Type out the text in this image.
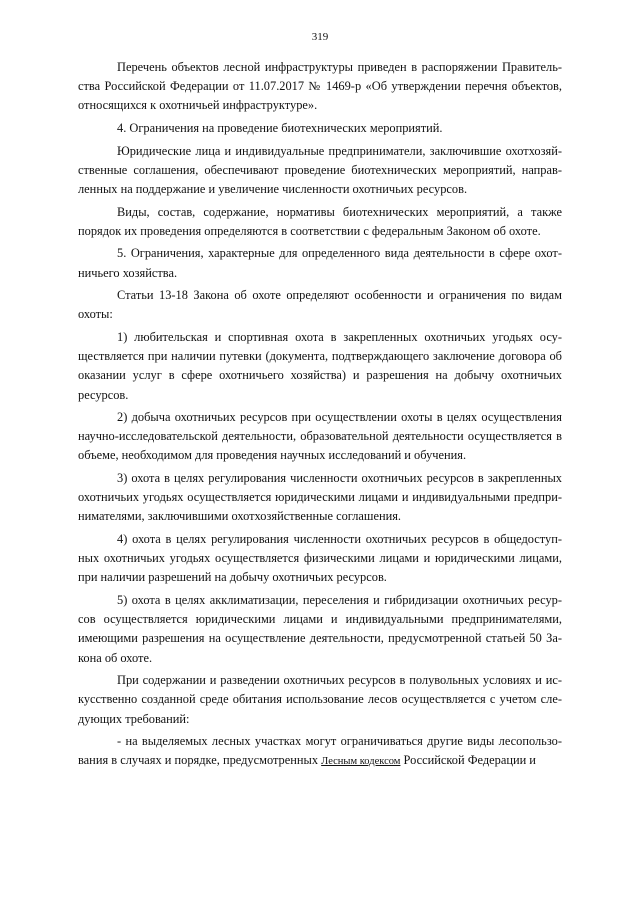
319

Перечень объектов лесной инфраструктуры приведен в распоряжении Правительства Российской Федерации от 11.07.2017 № 1469-р «Об утверждении перечня объектов, относящихся к охотничьей инфраструктуре».

4. Ограничения на проведение биотехнических мероприятий.

Юридические лица и индивидуальные предприниматели, заключившие охотхозяйственные соглашения, обеспечивают проведение биотехнических мероприятий, направленных на поддержание и увеличение численности охотничьих ресурсов.

Виды, состав, содержание, нормативы биотехнических мероприятий, а также порядок их проведения определяются в соответствии с федеральным Законом об охоте.

5. Ограничения, характерные для определенного вида деятельности в сфере охотничьего хозяйства.

Статьи 13-18 Закона об охоте определяют особенности и ограничения по видам охоты:

1) любительская и спортивная охота в закрепленных охотничьих угодьях осуществляется при наличии путевки (документа, подтверждающего заключение договора об оказании услуг в сфере охотничьего хозяйства) и разрешения на добычу охотничьих ресурсов.

2) добыча охотничьих ресурсов при осуществлении охоты в целях осуществления научно-исследовательской деятельности, образовательной деятельности осуществляется в объеме, необходимом для проведения научных исследований и обучения.

3) охота в целях регулирования численности охотничьих ресурсов в закрепленных охотничьих угодьях осуществляется юридическими лицами и индивидуальными предпринимателями, заключившими охотхозяйственные соглашения.

4) охота в целях регулирования численности охотничьих ресурсов в общедоступных охотничьих угодьях осуществляется физическими лицами и юридическими лицами, при наличии разрешений на добычу охотничьих ресурсов.

5) охота в целях акклиматизации, переселения и гибридизации охотничьих ресурсов осуществляется юридическими лицами и индивидуальными предпринимателями, имеющими разрешения на осуществление деятельности, предусмотренной статьей 50 Закона об охоте.

При содержании и разведении охотничьих ресурсов в полувольных условиях и искусственно созданной среде обитания использование лесов осуществляется с учетом следующих требований:

- на выделяемых лесных участках могут ограничиваться другие виды лесопользования в случаях и порядке, предусмотренных Лесным кодексом Российской Федерации и
